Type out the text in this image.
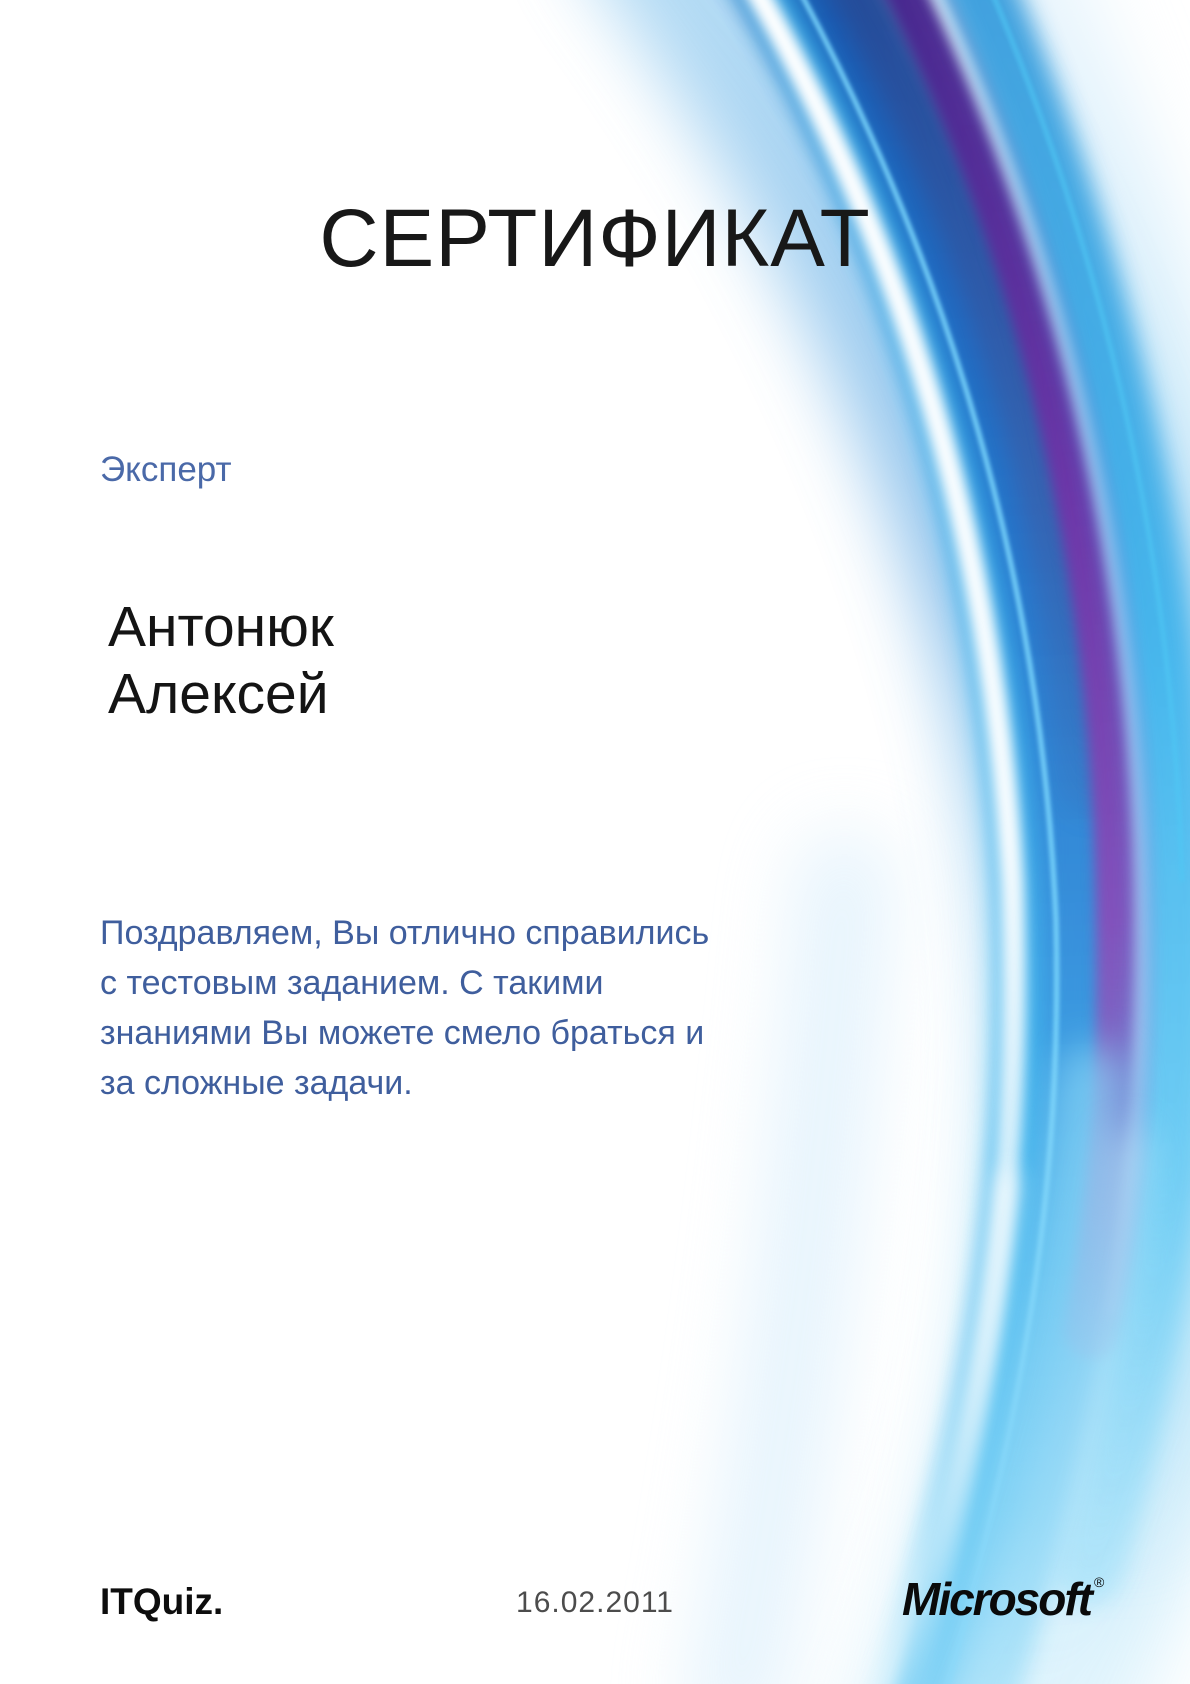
СЕРТИФИКАТ
Эксперт
Антонюк
Алексей
Поздравляем, Вы отлично справились
с тестовым заданием. С такими
знаниями Вы можете смело браться и
за сложные задачи.
ITQuiz.	16.02.2011	Microsoft ®
